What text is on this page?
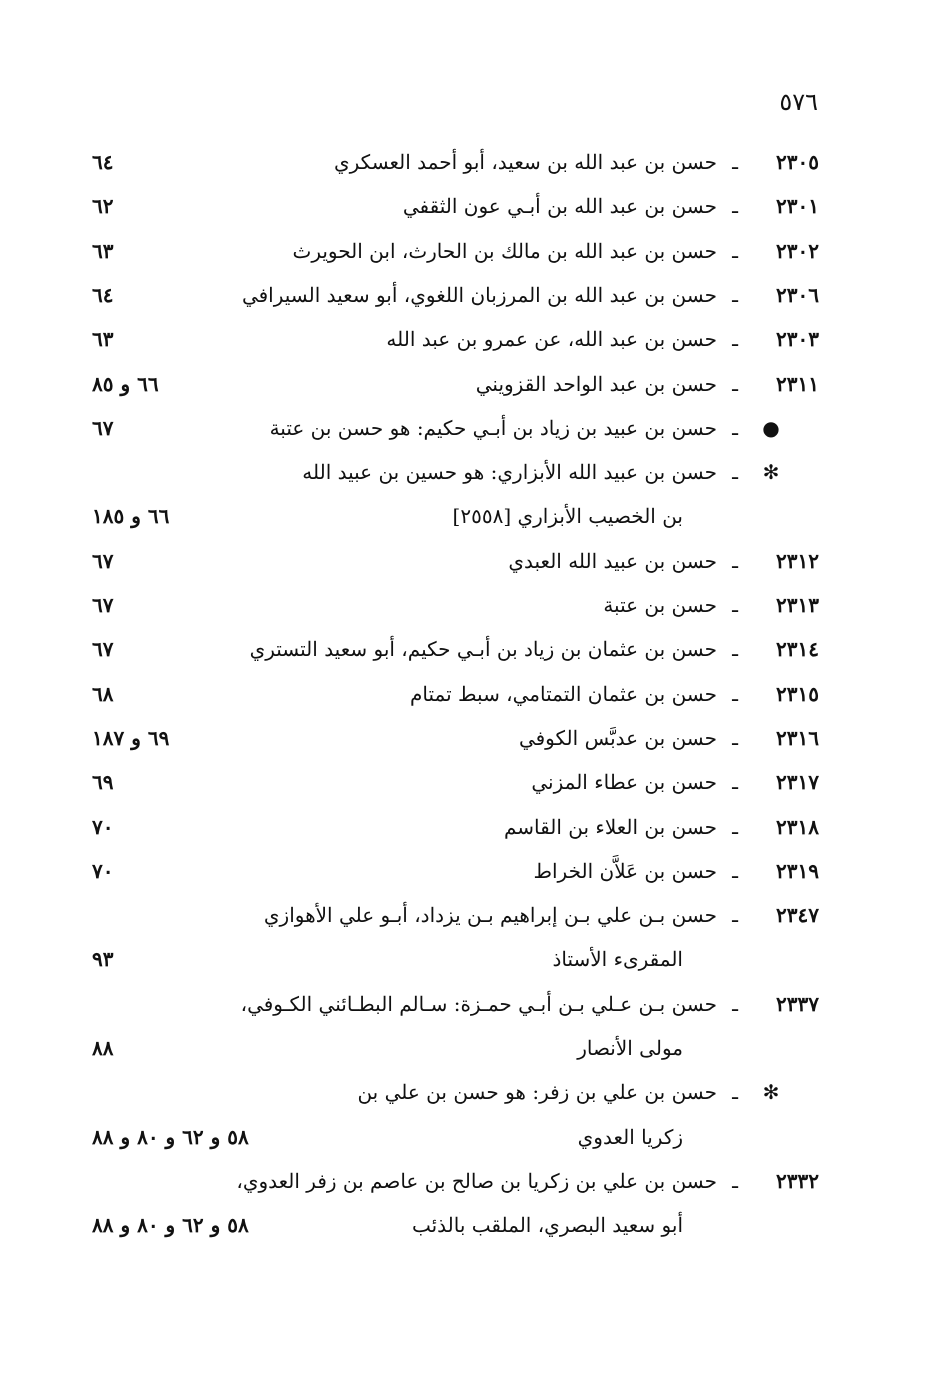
٥٧٦
٢٣٠٥
ـ
حسن بن عبد الله بن سعيد، أبو أحمد العسكري
٦٤
٢٣٠١
ـ
حسن بن عبد الله بن أبـي عون الثقفي
٦٢
٢٣٠٢
ـ
حسن بن عبد الله بن مالك بن الحارث، ابن الحويرث
٦٣
٢٣٠٦
ـ
حسن بن عبد الله بن المرزبان اللغوي، أبو سعيد السيرافي
٦٤
٢٣٠٣
ـ
حسن بن عبد الله، عن عمرو بن عبد الله
٦٣
٢٣١١
ـ
حسن بن عبد الواحد القزويني
٦٦ و ٨٥
●
ـ
حسن بن عبيد بن زياد بن أبـي حكيم: هو حسن بن عتبة
٦٧
✻
ـ
حسن بن عبيد الله الأبزاري: هو حسين بن عبيد الله
بن الخصيب الأبزاري [٢٥٥٨]
٦٦ و ١٨٥
٢٣١٢
ـ
حسن بن عبيد الله العبدي
٦٧
٢٣١٣
ـ
حسن بن عتبة
٦٧
٢٣١٤
ـ
حسن بن عثمان بن زياد بن أبـي حكيم، أبو سعيد التستري
٦٧
٢٣١٥
ـ
حسن بن عثمان التمتامي، سبط تمتام
٦٨
٢٣١٦
ـ
حسن بن عدبَّس الكوفي
٦٩ و ١٨٧
٢٣١٧
ـ
حسن بن عطاء المزني
٦٩
٢٣١٨
ـ
حسن بن العلاء بن القاسم
٧٠
٢٣١٩
ـ
حسن بن عَلاَّن الخراط
٧٠
٢٣٤٧
ـ
حسن بـن علي بـن إبراهيم بـن يزداد، أبـو علي الأهوازي
المقرىء الأستاذ
٩٣
٢٣٣٧
ـ
حسن بـن عـلي بـن أبـي حمـزة: سـالم البطـائني الكـوفي،
مولى الأنصار
٨٨
✻
ـ
حسن بن علي بن زفر: هو حسن بن علي بن
زكريا العدوي
٥٨ و ٦٢ و ٨٠ و ٨٨
٢٣٣٢
ـ
حسن بن علي بن زكريا بن صالح بن عاصم بن زفر العدوي،
أبو سعيد البصري، الملقب بالذئب
٥٨ و ٦٢ و ٨٠ و ٨٨
